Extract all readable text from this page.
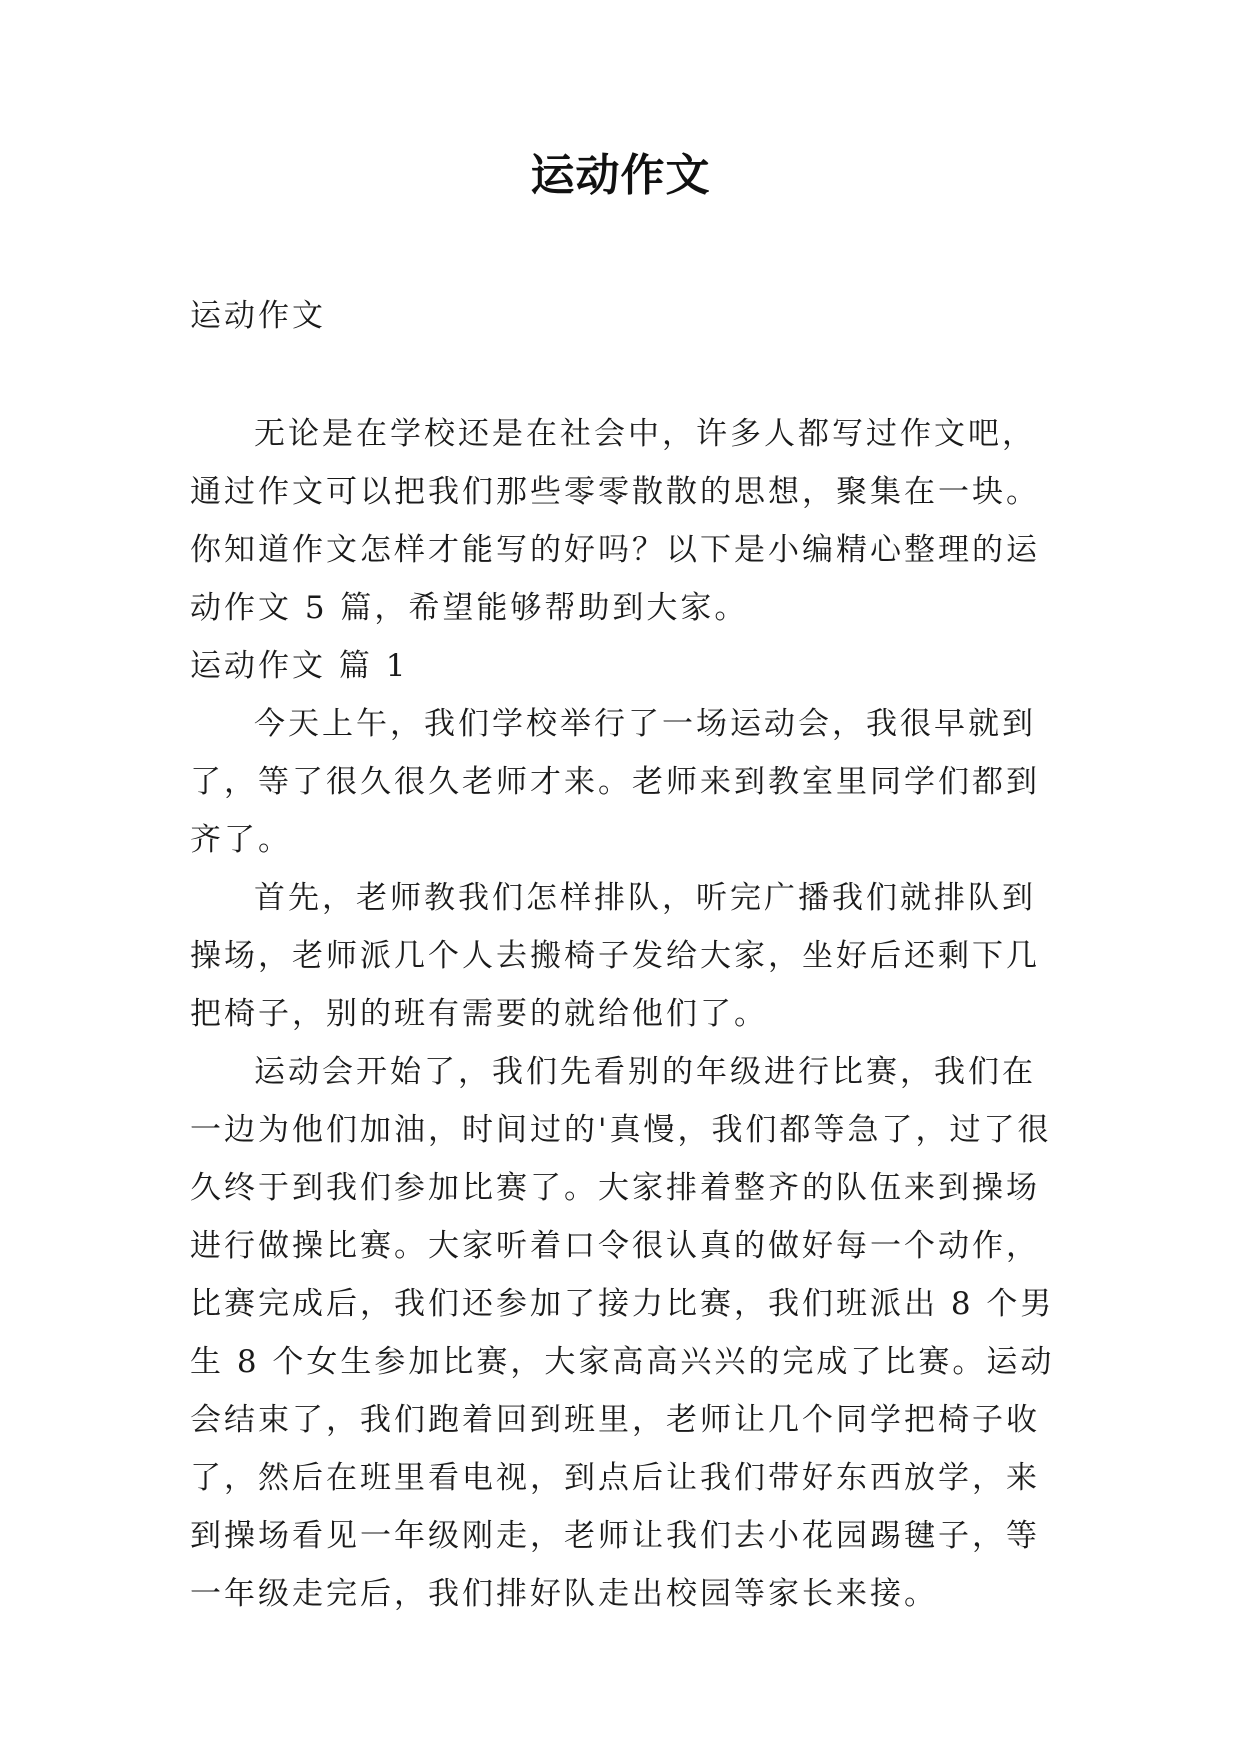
运动作文
运动作文

无论是在学校还是在社会中，许多人都写过作文吧，通过作文可以把我们那些零零散散的思想，聚集在一块。你知道作文怎样才能写的好吗？以下是小编精心整理的运动作文 5 篇，希望能够帮助到大家。

运动作文 篇 1

今天上午，我们学校举行了一场运动会，我很早就到了，等了很久很久老师才来。老师来到教室里同学们都到齐了。

首先，老师教我们怎样排队，听完广播我们就排队到操场，老师派几个人去搬椅子发给大家，坐好后还剩下几把椅子，别的班有需要的就给他们了。

运动会开始了，我们先看别的年级进行比赛，我们在一边为他们加油，时间过的'真慢，我们都等急了，过了很久终于到我们参加比赛了。大家排着整齐的队伍来到操场进行做操比赛。大家听着口令很认真的做好每一个动作，比赛完成后，我们还参加了接力比赛，我们班派出 8 个男生 8 个女生参加比赛，大家高高兴兴的完成了比赛。运动会结束了，我们跑着回到班里，老师让几个同学把椅子收了，然后在班里看电视，到点后让我们带好东西放学，来到操场看见一年级刚走，老师让我们去小花园踢毽子，等一年级走完后，我们排好队走出校园等家长来接。
